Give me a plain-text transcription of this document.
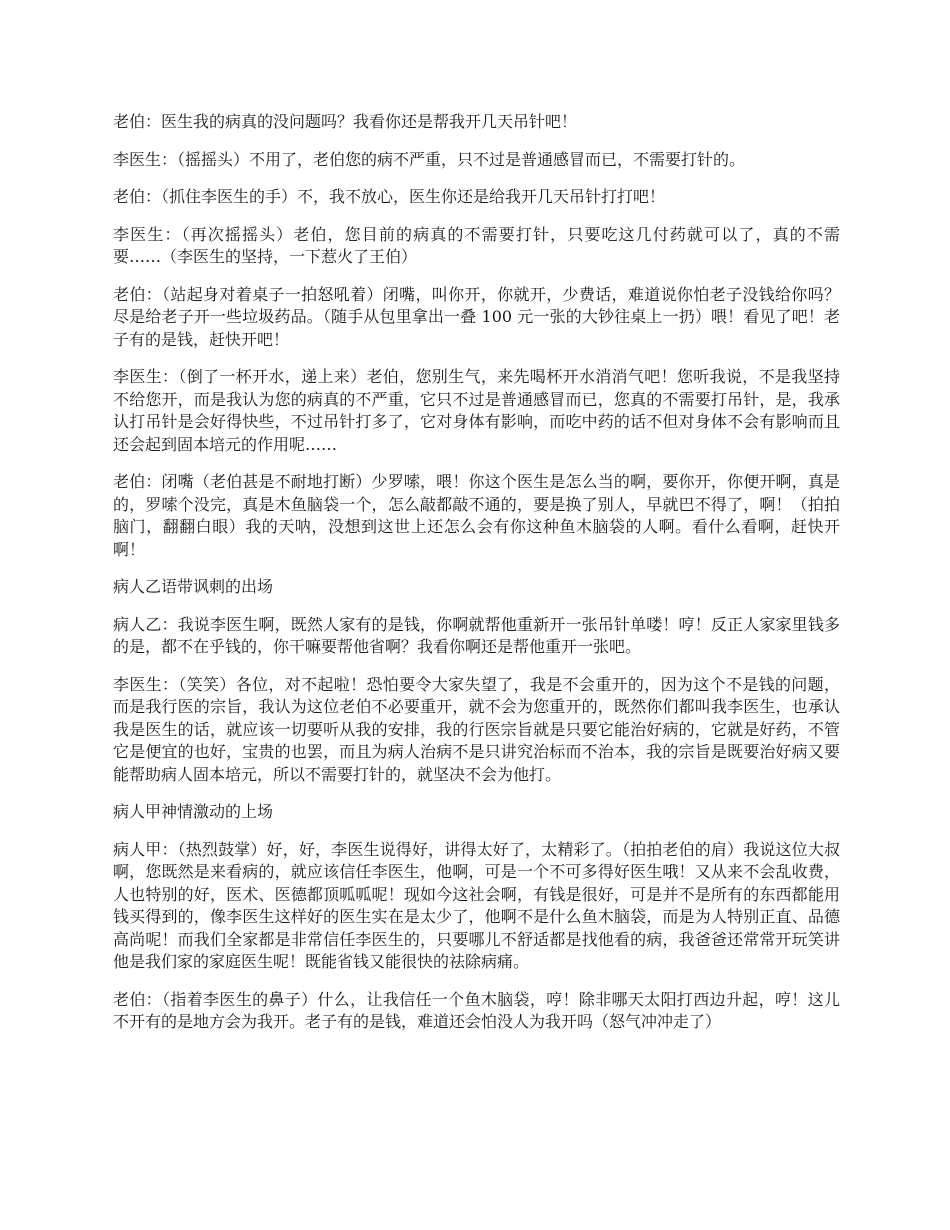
老伯：医生我的病真的没问题吗？我看你还是帮我开几天吊针吧！

李医生：（摇摇头）不用了，老伯您的病不严重，只不过是普通感冒而已，不需要打针的。

老伯：（抓住李医生的手）不，我不放心，医生你还是给我开几天吊针打打吧！

李医生：（再次摇摇头）老伯，您目前的病真的不需要打针，只要吃这几付药就可以了，真的不需要……（李医生的坚持，一下惹火了王伯）

老伯：（站起身对着桌子一拍怒吼着）闭嘴，叫你开，你就开，少费话，难道说你怕老子没钱给你吗？尽是给老子开一些垃圾药品。（随手从包里拿出一叠 100 元一张的大钞往桌上一扔）喂！看见了吧！老子有的是钱，赶快开吧！

李医生：（倒了一杯开水，递上来）老伯，您别生气，来先喝杯开水消消气吧！您听我说，不是我坚持不给您开，而是我认为您的病真的不严重，它只不过是普通感冒而已，您真的不需要打吊针，是，我承认打吊针是会好得快些，不过吊针打多了，它对身体有影响，而吃中药的话不但对身体不会有影响而且还会起到固本培元的作用呢……

老伯：闭嘴（老伯甚是不耐地打断）少罗嗦，喂！你这个医生是怎么当的啊，要你开，你便开啊，真是的，罗嗦个没完，真是木鱼脑袋一个，怎么敲都敲不通的，要是换了别人，早就巴不得了，啊！（拍拍脑门，翻翻白眼）我的天呐，没想到这世上还怎么会有你这种鱼木脑袋的人啊。看什么看啊，赶快开啊！

病人乙语带讽刺的出场

病人乙：我说李医生啊，既然人家有的是钱，你啊就帮他重新开一张吊针单喽！哼！反正人家家里钱多的是，都不在乎钱的，你干嘛要帮他省啊？我看你啊还是帮他重开一张吧。

李医生：（笑笑）各位，对不起啦！恐怕要令大家失望了，我是不会重开的，因为这个不是钱的问题，而是我行医的宗旨，我认为这位老伯不必要重开，就不会为您重开的，既然你们都叫我李医生，也承认我是医生的话，就应该一切要听从我的安排，我的行医宗旨就是只要它能治好病的，它就是好药，不管它是便宜的也好，宝贵的也罢，而且为病人治病不是只讲究治标而不治本，我的宗旨是既要治好病又要能帮助病人固本培元，所以不需要打针的，就坚决不会为他打。

病人甲神情激动的上场

病人甲：（热烈鼓掌）好，好，李医生说得好，讲得太好了，太精彩了。（拍拍老伯的肩）我说这位大叔啊，您既然是来看病的，就应该信任李医生，他啊，可是一个不可多得好医生哦！又从来不会乱收费，人也特别的好，医术、医德都顶呱呱呢！现如今这社会啊，有钱是很好，可是并不是所有的东西都能用钱买得到的，像李医生这样好的医生实在是太少了，他啊不是什么鱼木脑袋，而是为人特别正直、品德高尚呢！而我们全家都是非常信任李医生的，只要哪儿不舒适都是找他看的病，我爸爸还常常开玩笑讲他是我们家的家庭医生呢！既能省钱又能很快的祛除病痛。

老伯：（指着李医生的鼻子）什么，让我信任一个鱼木脑袋，哼！除非哪天太阳打西边升起，哼！这儿不开有的是地方会为我开。老子有的是钱，难道还会怕没人为我开吗（怒气冲冲走了）
